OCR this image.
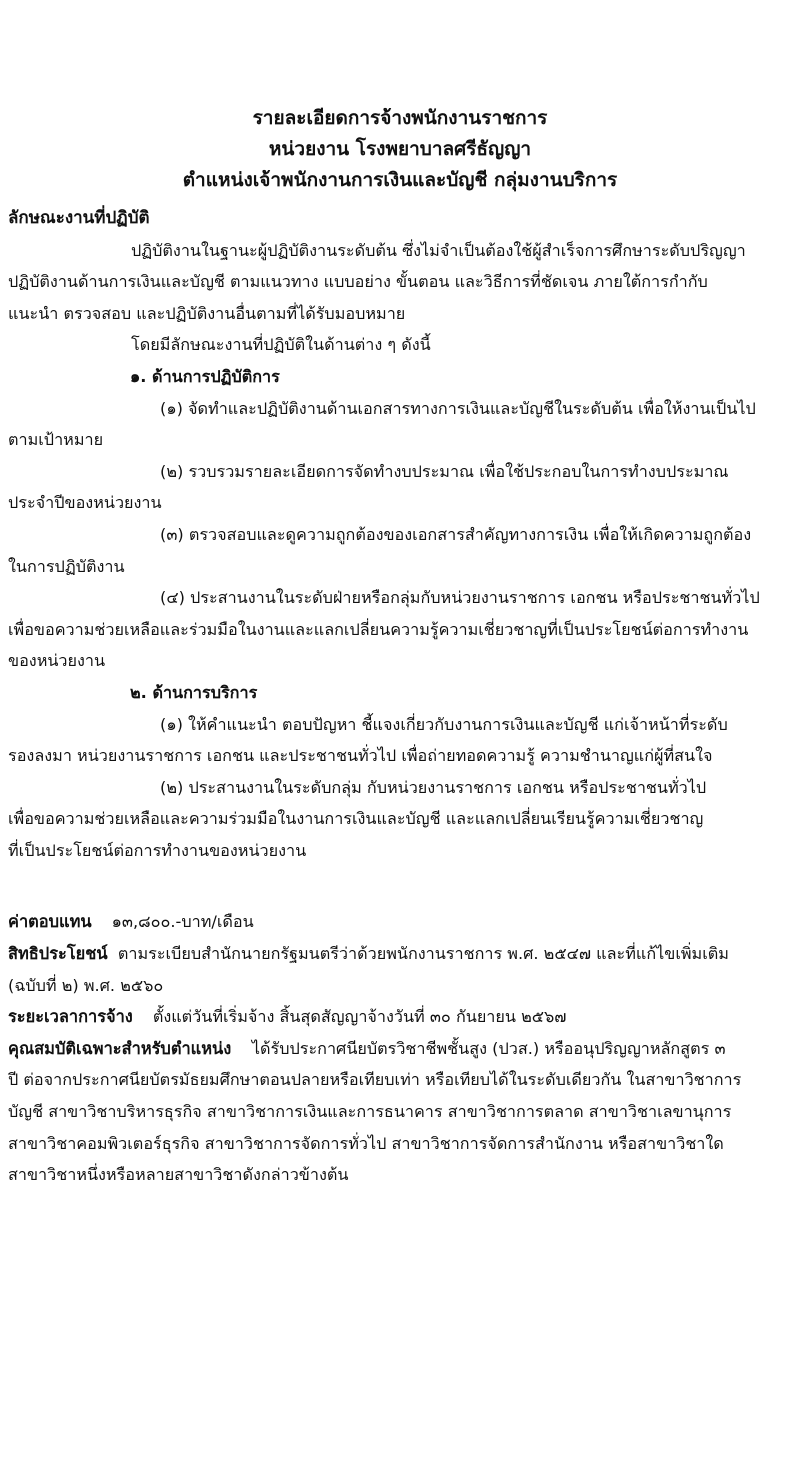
รายละเอียดการจ้างพนักงานราชการ

หน่วยงาน โรงพยาบาลศรีธัญญา

ตำแหน่งเจ้าพนักงานการเงินและบัญชี กลุ่มงานบริการ

ลักษณะงานที่ปฏิบัติ

ปฏิบัติงานในฐานะผู้ปฏิบัติงานระดับต้น ซึ่งไม่จำเป็นต้องใช้ผู้สำเร็จการศึกษาระดับปริญญา

ปฏิบัติงานด้านการเงินและบัญชี ตามแนวทาง แบบอย่าง ขั้นตอน และวิธีการที่ชัดเจน ภายใต้การกำกับ

แนะนำ ตรวจสอบ และปฏิบัติงานอื่นตามที่ได้รับมอบหมาย

โดยมีลักษณะงานที่ปฏิบัติในด้านต่าง ๆ ดังนี้

๑. ด้านการปฏิบัติการ

(๑) จัดทำและปฏิบัติงานด้านเอกสารทางการเงินและบัญชีในระดับต้น เพื่อให้งานเป็นไป

ตามเป้าหมาย

(๒) รวบรวมรายละเอียดการจัดทำงบประมาณ เพื่อใช้ประกอบในการทำงบประมาณ

ประจำปีของหน่วยงาน

(๓) ตรวจสอบและดูความถูกต้องของเอกสารสำคัญทางการเงิน เพื่อให้เกิดความถูกต้อง

ในการปฏิบัติงาน

(๔) ประสานงานในระดับฝ่ายหรือกลุ่มกับหน่วยงานราชการ เอกชน หรือประชาชนทั่วไป

เพื่อขอความช่วยเหลือและร่วมมือในงานและแลกเปลี่ยนความรู้ความเชี่ยวชาญที่เป็นประโยชน์ต่อการทำงาน

ของหน่วยงาน

๒. ด้านการบริการ

(๑) ให้คำแนะนำ ตอบปัญหา ชี้แจงเกี่ยวกับงานการเงินและบัญชี แก่เจ้าหน้าที่ระดับ

รองลงมา หน่วยงานราชการ เอกชน และประชาชนทั่วไป เพื่อถ่ายทอดความรู้ ความชำนาญแก่ผู้ที่สนใจ

(๒) ประสานงานในระดับกลุ่ม กับหน่วยงานราชการ เอกชน หรือประชาชนทั่วไป

เพื่อขอความช่วยเหลือและความร่วมมือในงานการเงินและบัญชี และแลกเปลี่ยนเรียนรู้ความเชี่ยวชาญ

ที่เป็นประโยชน์ต่อการทำงานของหน่วยงาน

ค่าตอบแทน ๑๓,๘๐๐.-บาท/เดือน

สิทธิประโยชน์ ตามระเบียบสำนักนายกรัฐมนตรีว่าด้วยพนักงานราชการ พ.ศ. ๒๕๔๗ และที่แก้ไขเพิ่มเติม

(ฉบับที่ ๒) พ.ศ. ๒๕๖๐

ระยะเวลาการจ้าง ตั้งแต่วันที่เริ่มจ้าง สิ้นสุดสัญญาจ้างวันที่ ๓๐ กันยายน ๒๕๖๗

คุณสมบัติเฉพาะสำหรับตำแหน่ง ได้รับประกาศนียบัตรวิชาชีพชั้นสูง (ปวส.) หรืออนุปริญญาหลักสูตร ๓

ปี ต่อจากประกาศนียบัตรมัธยมศึกษาตอนปลายหรือเทียบเท่า หรือเทียบได้ในระดับเดียวกัน ในสาขาวิชาการ

บัญชี สาขาวิชาบริหารธุรกิจ สาขาวิชาการเงินและการธนาคาร สาขาวิชาการตลาด สาขาวิชาเลขานุการ

สาขาวิชาคอมพิวเตอร์ธุรกิจ สาขาวิชาการจัดการทั่วไป สาขาวิชาการจัดการสำนักงาน หรือสาขาวิชาใด

สาขาวิชาหนึ่งหรือหลายสาขาวิชาดังกล่าวข้างต้น
